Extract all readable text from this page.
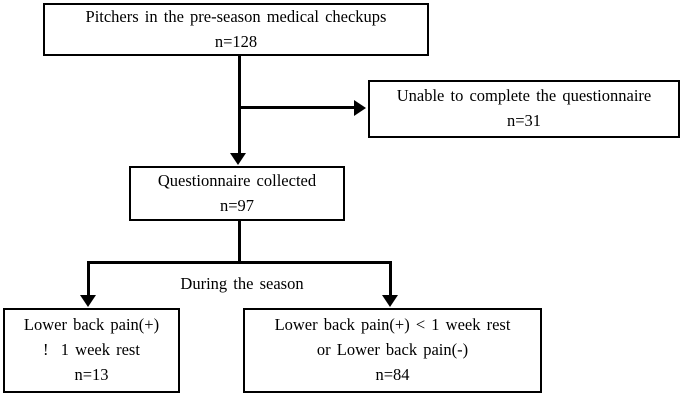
Pitchers in the pre-season medical checkups
n=128
Unable to complete the questionnaire
n=31
Questionnaire collected
n=97
During the season
Lower back pain(+)
!  1 week rest
n=13
Lower back pain(+) < 1 week rest
or Lower back pain(-)
n=84
